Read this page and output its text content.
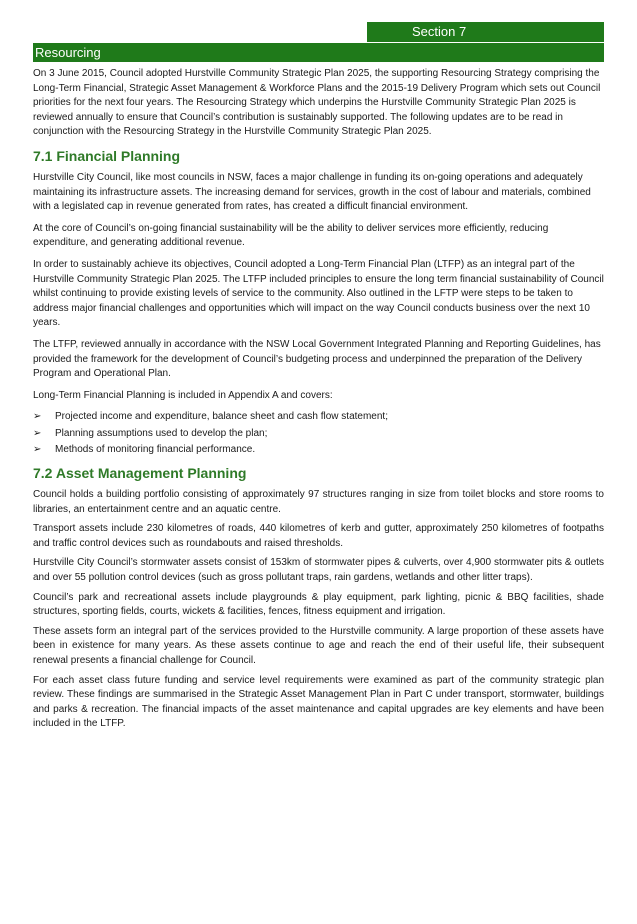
Section 7
Resourcing

On 3 June 2015, Council adopted Hurstville Community Strategic Plan 2025, the supporting Resourcing Strategy comprising the Long-Term Financial, Strategic Asset Management & Workforce Plans and the 2015-19 Delivery Program which sets out Council priorities for the next four years. The Resourcing Strategy which underpins the Hurstville Community Strategic Plan 2025 is reviewed annually to ensure that Council’s contribution is sustainably supported. The following updates are to be read in conjunction with the Resourcing Strategy in the Hurstville Community Strategic Plan 2025.

7.1 Financial Planning

Hurstville City Council, like most councils in NSW, faces a major challenge in funding its on-going operations and adequately maintaining its infrastructure assets. The increasing demand for services, growth in the cost of labour and materials, combined with a legislated cap in revenue generated from rates, has created a difficult financial environment.

At the core of Council’s on-going financial sustainability will be the ability to deliver services more efficiently, reducing expenditure, and generating additional revenue.

In order to sustainably achieve its objectives, Council adopted a Long-Term Financial Plan (LTFP) as an integral part of the Hurstville Community Strategic Plan 2025. The LTFP included principles to ensure the long term financial sustainability of Council whilst continuing to provide existing levels of service to the community. Also outlined in the LFTP were steps to be taken to address major financial challenges and opportunities which will impact on the way Council conducts business over the next 10 years.

The LTFP, reviewed annually in accordance with the NSW Local Government Integrated Planning and Reporting Guidelines, has provided the framework for the development of Council’s budgeting process and underpinned the preparation of the Delivery Program and Operational Plan.

Long-Term Financial Planning is included in Appendix A and covers:

➢ Projected income and expenditure, balance sheet and cash flow statement;
➢ Planning assumptions used to develop the plan;
➢ Methods of monitoring financial performance.
7.2 Asset Management Planning

Council holds a building portfolio consisting of approximately 97 structures ranging in size from toilet blocks and store rooms to libraries, an entertainment centre and an aquatic centre.

Transport assets include 230 kilometres of roads, 440 kilometres of kerb and gutter, approximately 250 kilometres of footpaths and traffic control devices such as roundabouts and raised thresholds.

Hurstville City Council’s stormwater assets consist of 153km of stormwater pipes & culverts, over 4,900 stormwater pits & outlets and over 55 pollution control devices (such as gross pollutant traps, rain gardens, wetlands and other litter traps).

Council’s park and recreational assets include playgrounds & play equipment, park lighting, picnic & BBQ facilities, shade structures, sporting fields, courts, wickets & facilities, fences, fitness equipment and irrigation.

These assets form an integral part of the services provided to the Hurstville community. A large proportion of these assets have been in existence for many years. As these assets continue to age and reach the end of their useful life, their subsequent renewal presents a financial challenge for Council.

For each asset class future funding and service level requirements were examined as part of the community strategic plan review. These findings are summarised in the Strategic Asset Management Plan in Part C under transport, stormwater, buildings and parks & recreation. The financial impacts of the asset maintenance and capital upgrades are key elements and have been included in the LTFP.
